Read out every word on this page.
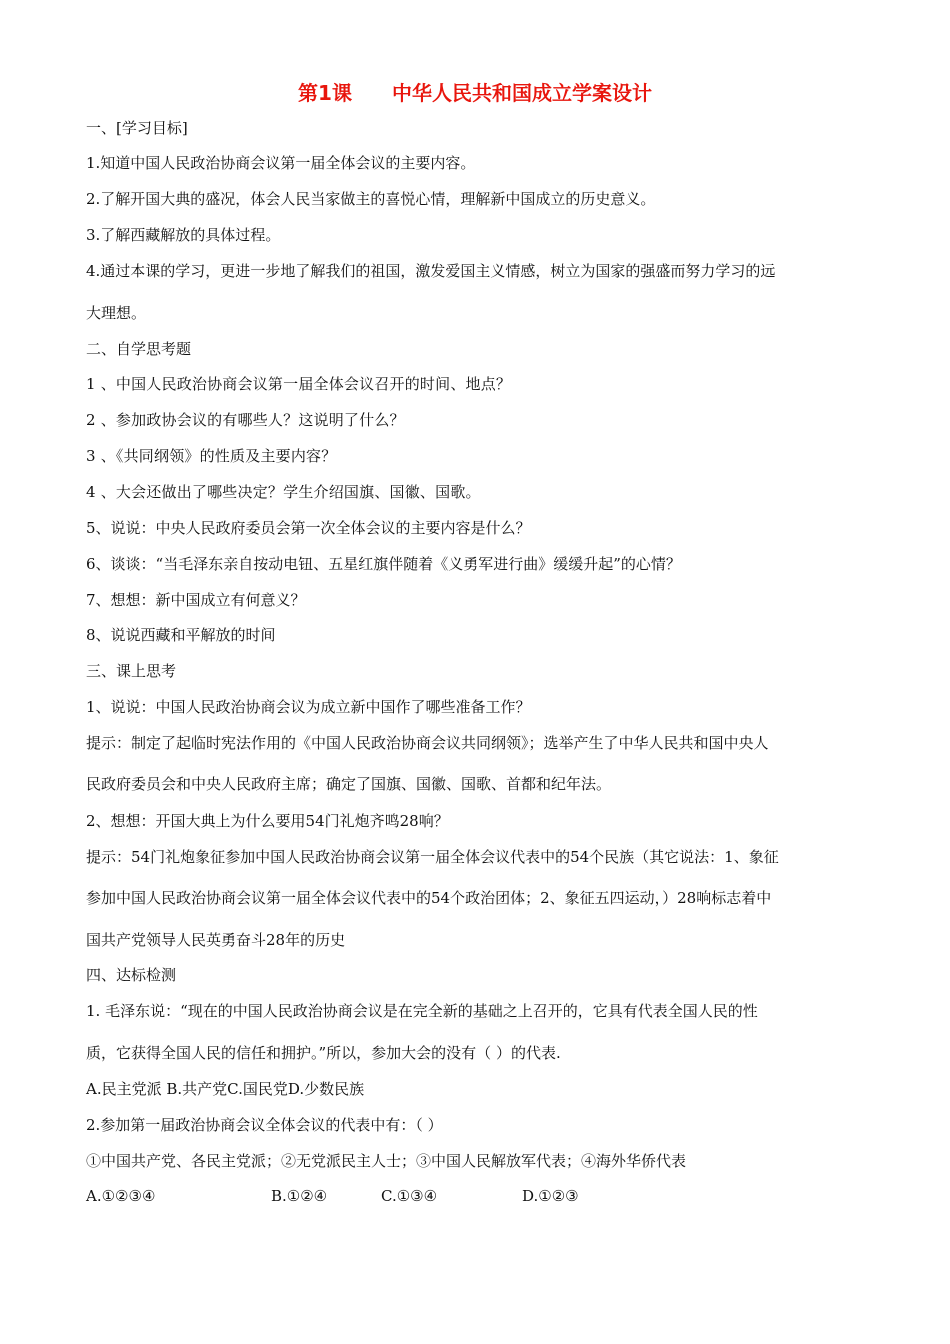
第1课 中华人民共和国成立学案设计
一、[学习目标]
1.知道中国人民政治协商会议第一届全体会议的主要内容。
2.了解开国大典的盛况，体会人民当家做主的喜悦心情，理解新中国成立的历史意义。
3.了解西藏解放的具体过程。
4.通过本课的学习，更进一步地了解我们的祖国，激发爱国主义情感，树立为国家的强盛而努力学习的远
大理想。
二、自学思考题
1 、中国人民政治协商会议第一届全体会议召开的时间、地点？
2 、参加政协会议的有哪些人？这说明了什么？
3 、《共同纲领》的性质及主要内容？
4 、大会还做出了哪些决定？学生介绍国旗、国徽、国歌。
5、说说：中央人民政府委员会第一次全体会议的主要内容是什么？
6、谈谈：“当毛泽东亲自按动电钮、五星红旗伴随着《义勇军进行曲》缓缓升起”的心情？
7、想想：新中国成立有何意义？
8、说说西藏和平解放的时间
三、课上思考
1、说说：中国人民政治协商会议为成立新中国作了哪些准备工作？
提示：制定了起临时宪法作用的《中国人民政治协商会议共同纲领》；选举产生了中华人民共和国中央人
民政府委员会和中央人民政府主席；确定了国旗、国徽、国歌、首都和纪年法。
2、想想：开国大典上为什么要用54门礼炮齐鸣28响？
提示：54门礼炮象征参加中国人民政治协商会议第一届全体会议代表中的54个民族（其它说法：1、象征
参加中国人民政治协商会议第一届全体会议代表中的54个政治团体；2、象征五四运动，）28响标志着中
国共产党领导人民英勇奋斗28年的历史
四、达标检测
1. 毛泽东说：“现在的中国人民政治协商会议是在完全新的基础之上召开的，它具有代表全国人民的性
质，它获得全国人民的信任和拥护。”所以，参加大会的没有（ ）的代表.
A.民主党派 B.共产党C.国民党D.少数民族
2.参加第一届政治协商会议全体会议的代表中有：（ ）
①中国共产党、各民主党派；②无党派民主人士；③中国人民解放军代表；④海外华侨代表
A.①②③④	B.①②④	C.①③④	D.①②③
